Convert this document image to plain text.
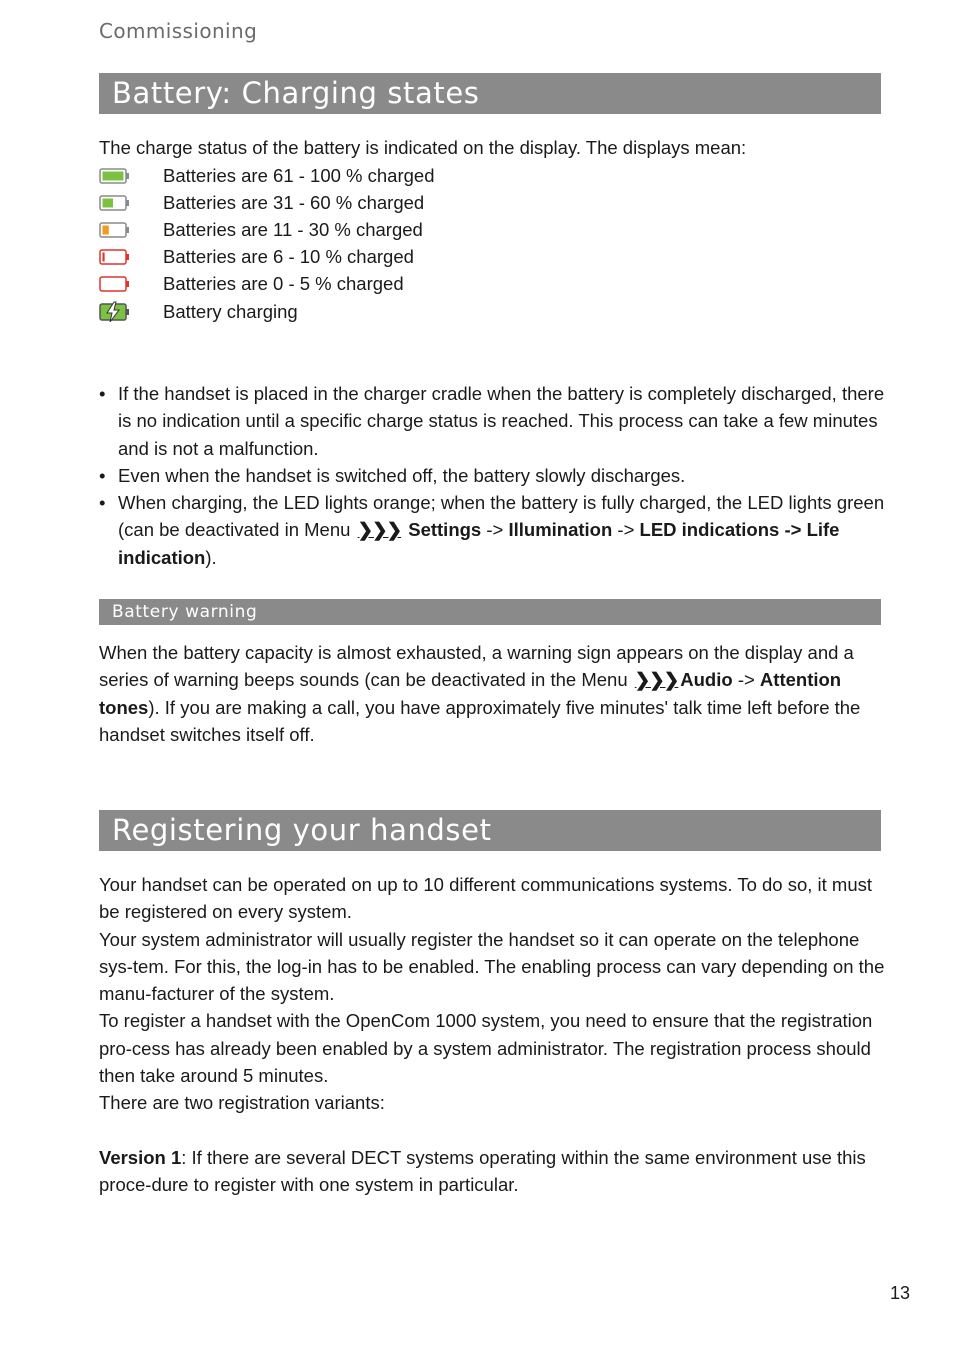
Commissioning
Battery: Charging states
The charge status of the battery is indicated on the display. The displays mean:
Batteries are 61 - 100 % charged
Batteries are 31 - 60 % charged
Batteries are 11 - 30 % charged
Batteries are 6 - 10 % charged
Batteries are 0 - 5 % charged
Battery charging
• If the handset is placed in the charger cradle when the battery is completely discharged, there is no indication until a specific charge status is reached. This process can take a few minutes and is not a malfunction.
• Even when the handset is switched off, the battery slowly discharges.
• When charging, the LED lights orange; when the battery is fully charged, the LED lights green (can be deactivated in Menu ❯❯❯ Settings -> Illumination -> LED indications -> Life indication).
Battery warning
When the battery capacity is almost exhausted, a warning sign appears on the display and a series of warning beeps sounds (can be deactivated in the Menu ❯❯❯ Audio -> Attention tones). If you are making a call, you have approximately five minutes' talk time left before the handset switches itself off.
Registering your handset
Your handset can be operated on up to 10 different communications systems. To do so, it must be registered on every system.
Your system administrator will usually register the handset so it can operate on the telephone sys-tem. For this, the log-in has to be enabled. The enabling process can vary depending on the manu-facturer of the system.
To register a handset with the OpenCom 1000 system, you need to ensure that the registration pro-cess has already been enabled by a system administrator. The registration process should then take around 5 minutes.
There are two registration variants:
Version 1: If there are several DECT systems operating within the same environment use this proce-dure to register with one system in particular.
13
